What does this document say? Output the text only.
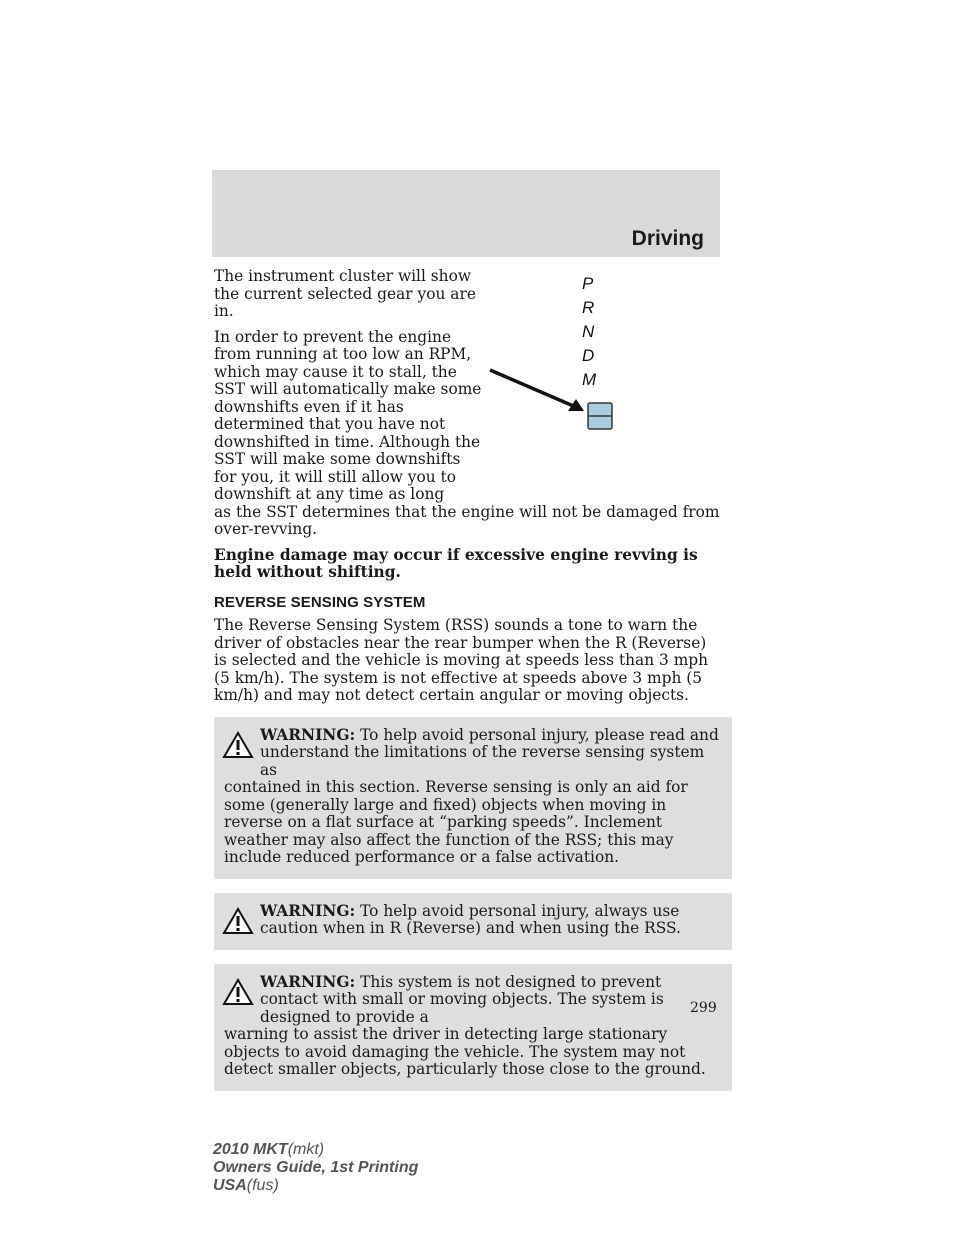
Driving
P
R
N
D
M

The instrument cluster will show the current selected gear you are in.

In order to prevent the engine from running at too low an RPM, which may cause it to stall, the SST will automatically make some downshifts even if it has determined that you have not downshifted in time. Although the SST will make some downshifts for you, it will still allow you to downshift at any time as long
as the SST determines that the engine will not be damaged from over-revving.

Engine damage may occur if excessive engine revving is held without shifting.

REVERSE SENSING SYSTEM

The Reverse Sensing System (RSS) sounds a tone to warn the driver of obstacles near the rear bumper when the R (Reverse) is selected and the vehicle is moving at speeds less than 3 mph (5 km/h). The system is not effective at speeds above 3 mph (5 km/h) and may not detect certain angular or moving objects.

WARNING: To help avoid personal injury, please read and understand the limitations of the reverse sensing system as

contained in this section. Reverse sensing is only an aid for some (generally large and fixed) objects when moving in reverse on a flat surface at “parking speeds”. Inclement weather may also affect the function of the RSS; this may include reduced performance or a false activation.

WARNING: To help avoid personal injury, always use caution when in R (Reverse) and when using the RSS.

WARNING: This system is not designed to prevent contact with small or moving objects. The system is designed to provide a

warning to assist the driver in detecting large stationary objects to avoid damaging the vehicle. The system may not detect smaller objects, particularly those close to the ground.

299
2010 MKT(mkt)
Owners Guide, 1st Printing
USA(fus)
